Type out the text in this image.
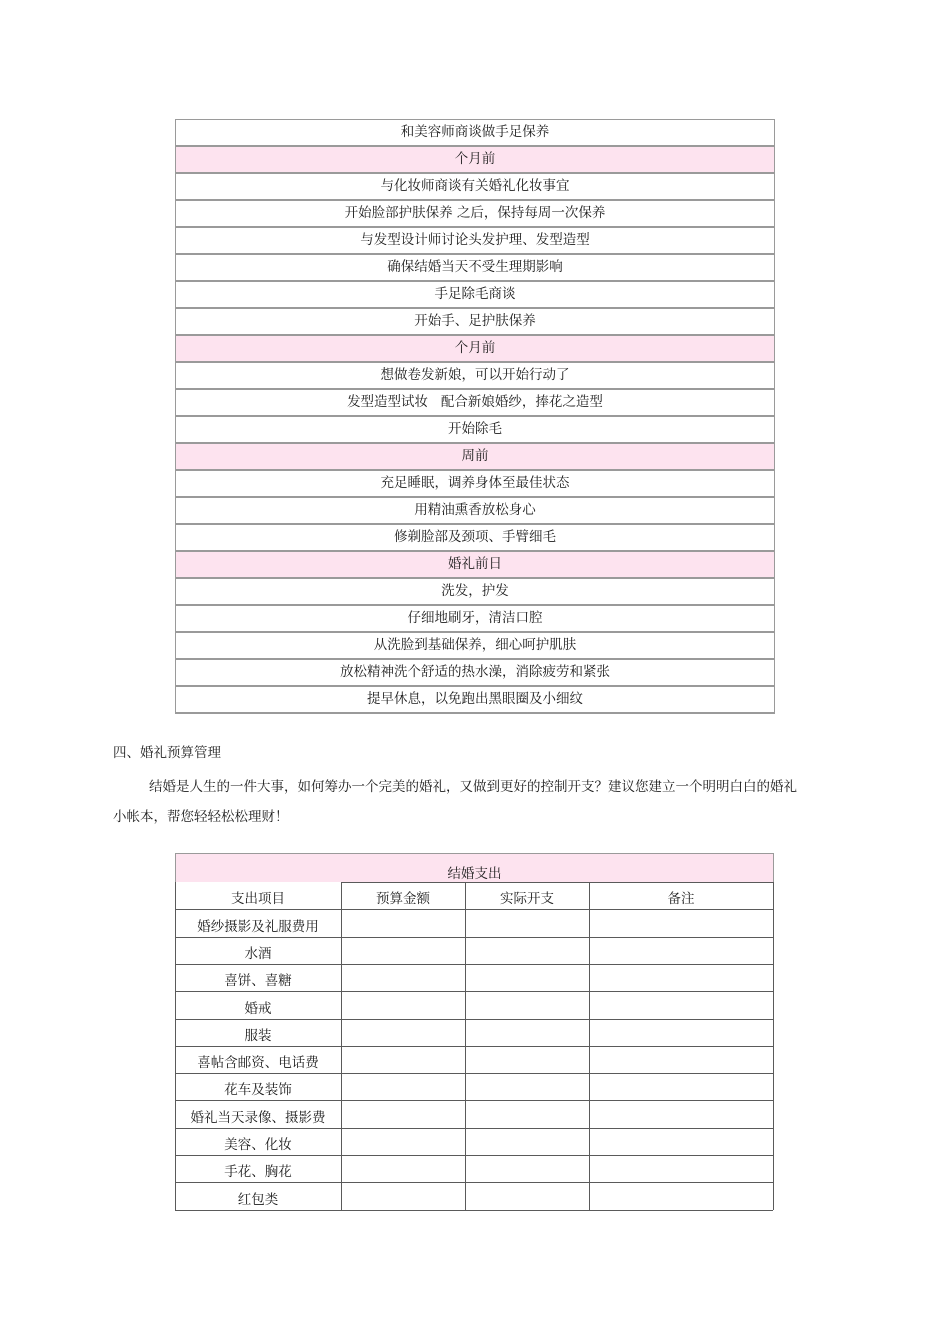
和美容师商谈做手足保养
个月前
与化妆师商谈有关婚礼化妆事宜
开始脸部护肤保养 之后，保持每周一次保养
与发型设计师讨论头发护理、发型造型
确保结婚当天不受生理期影响
手足除毛商谈
开始手、足护肤保养
个月前
想做卷发新娘，可以开始行动了
发型造型试妆   配合新娘婚纱，捧花之造型
开始除毛
周前
充足睡眠，调养身体至最佳状态
用精油熏香放松身心
修剃脸部及颈项、手臂细毛
婚礼前日
洗发，护发
仔细地刷牙，清洁口腔
从洗脸到基础保养，细心呵护肌肤
放松精神洗个舒适的热水澡，消除疲劳和紧张
提早休息，以免跑出黑眼圈及小细纹
四、婚礼预算管理

结婚是人生的一件大事，如何筹办一个完美的婚礼，又做到更好的控制开支？建议您建立一个明明白白的婚礼小帐本，帮您轻轻松松理财！

结婚支出
支出项目	预算金额	实际开支	备注
婚纱摄影及礼服费用
水酒
喜饼、喜糖
婚戒
服装
喜帖含邮资、电话费
花车及装饰
婚礼当天录像、摄影费
美容、化妆
手花、胸花
红包类
